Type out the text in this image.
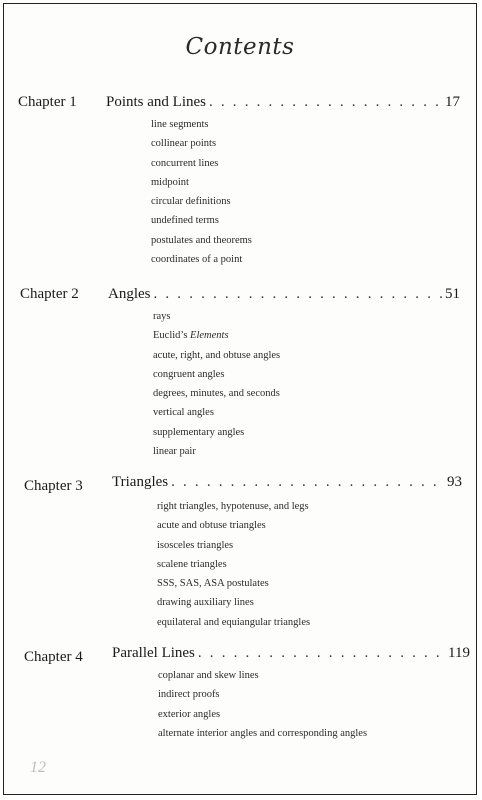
Contents
Chapter 1 Points and Lines . . .	17
line segments
collinear points
concurrent lines
midpoint
circular definitions
undefined terms
postulates and theorems
coordinates of a point
Chapter 2 Angles . . .	51
rays
Euclid’s Elements
acute, right, and obtuse angles
congruent angles
degrees, minutes, and seconds
vertical angles
supplementary angles
linear pair
Chapter 3 Triangles . . .	93
right triangles, hypotenuse, and legs
acute and obtuse triangles
isosceles triangles
scalene triangles
SSS, SAS, ASA postulates
drawing auxiliary lines
equilateral and equiangular triangles
Chapter 4 Parallel Lines . . .	119
coplanar and skew lines
indirect proofs
exterior angles
alternate interior angles and corresponding angles
12
